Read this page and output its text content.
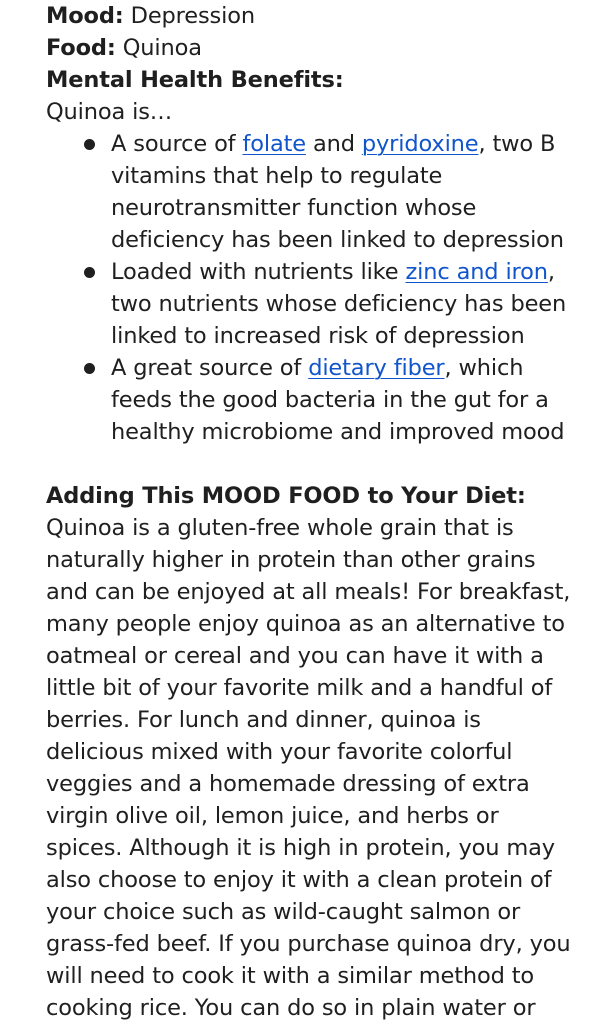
Mood: Depression
Food: Quinoa
Mental Health Benefits:
Quinoa is…
A source of folate and pyridoxine, two B
vitamins that help to regulate
neurotransmitter function whose
deficiency has been linked to depression
Loaded with nutrients like zinc and iron,
two nutrients whose deficiency has been
linked to increased risk of depression
A great source of dietary fiber, which
feeds the good bacteria in the gut for a
healthy microbiome and improved mood
Adding This MOOD FOOD to Your Diet:
Quinoa is a gluten-free whole grain that is
naturally higher in protein than other grains
and can be enjoyed at all meals! For breakfast,
many people enjoy quinoa as an alternative to
oatmeal or cereal and you can have it with a
little bit of your favorite milk and a handful of
berries. For lunch and dinner, quinoa is
delicious mixed with your favorite colorful
veggies and a homemade dressing of extra
virgin olive oil, lemon juice, and herbs or
spices. Although it is high in protein, you may
also choose to enjoy it with a clean protein of
your choice such as wild-caught salmon or
grass-fed beef. If you purchase quinoa dry, you
will need to cook it with a similar method to
cooking rice. You can do so in plain water or
